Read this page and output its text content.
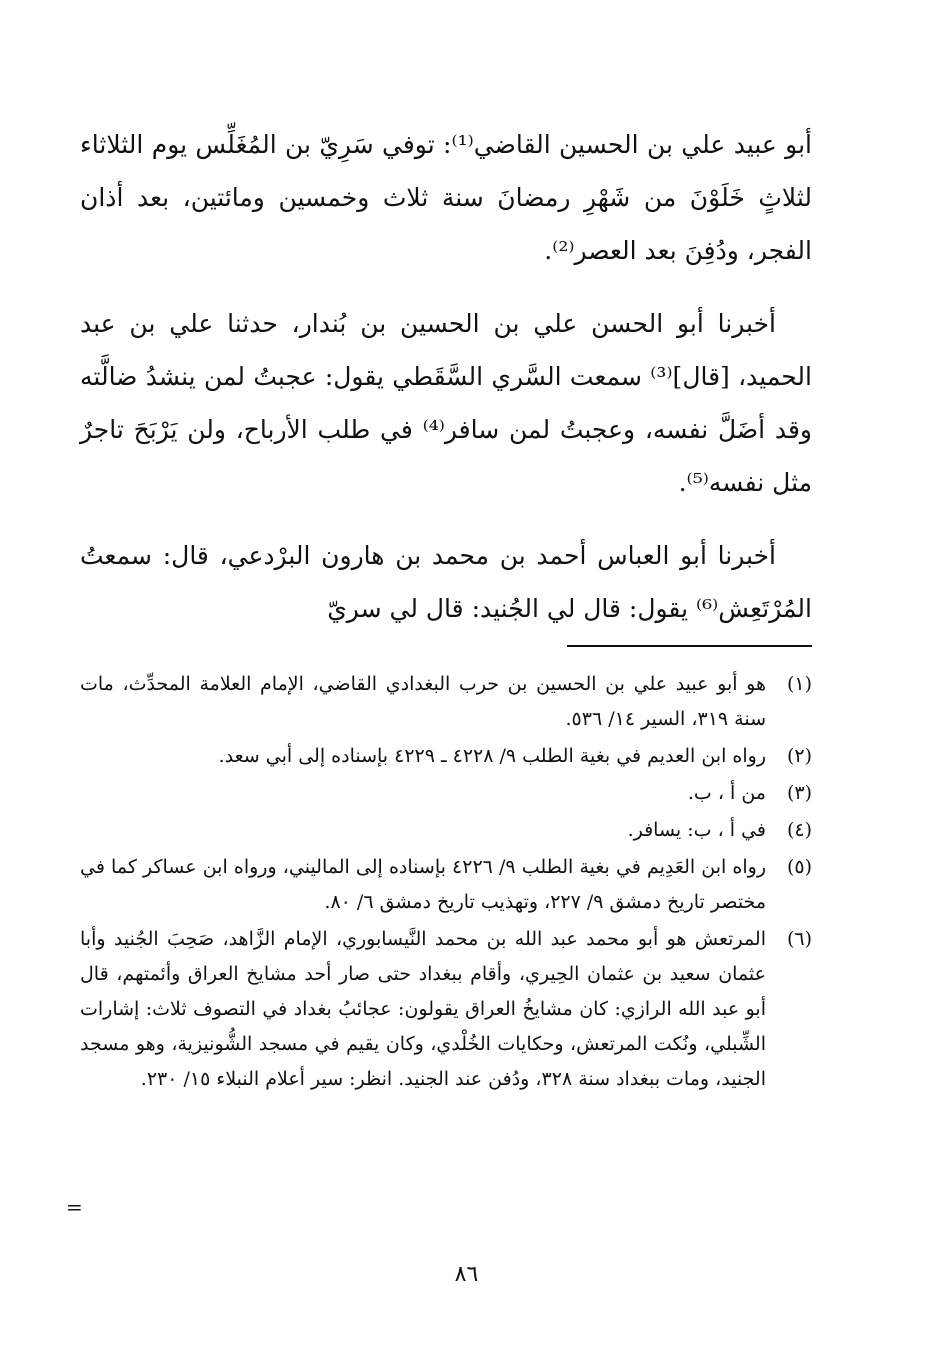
أبو عبيد علي بن الحسين القاضي⁽¹⁾: توفي سَرِيّ بن المُغَلِّس يوم الثلاثاء لثلاثٍ خَلَوْنَ من شَهْرِ رمضانَ سنة ثلاث وخمسين ومائتين، بعد أذان الفجر، ودُفِنَ بعد العصر⁽²⁾.

أخبرنا أبو الحسن علي بن الحسين بن بُندار، حدثنا علي بن عبد الحميد، [قال]⁽³⁾ سمعت السَّري السَّقَطي يقول: عجبتُ لمن ينشدُ ضالَّته وقد أضَلَّ نفسه، وعجبتُ لمن سافر⁽⁴⁾ في طلب الأرباح، ولن يَرْبَحَ تاجرٌ مثل نفسه⁽⁵⁾.

أخبرنا أبو العباس أحمد بن محمد بن هارون البرْدعي، قال: سمعتُ المُرْتَعِش⁽⁶⁾ يقول: قال لي الجُنيد: قال لي سريّ

(١)
هو أبو عبيد علي بن الحسين بن حرب البغدادي القاضي، الإمام العلامة المحدِّث، مات سنة ٣١٩، السير ١٤/ ٥٣٦.
(٢)
رواه ابن العديم في بغية الطلب ٩/ ٤٢٢٨ ـ ٤٢٢٩ بإسناده إلى أبي سعد.
(٣)
من أ ، ب.
(٤)
في أ ، ب: يسافر.
(٥)
رواه ابن العَدِيم في بغية الطلب ٩/ ٤٢٢٦ بإسناده إلى الماليني، ورواه ابن عساكر كما في مختصر تاريخ دمشق ٩/ ٢٢٧، وتهذيب تاريخ دمشق ٦/ ٨٠.
(٦)
المرتعش هو أبو محمد عبد الله بن محمد النَّيسابوري، الإمام الزَّاهد، صَحِبَ الجُنيد وأبا عثمان سعيد بن عثمان الحِيري، وأقام ببغداد حتى صار أحد مشايخ العراق وأئمتهم، قال أبو عبد الله الرازي: كان مشايخُ العراق يقولون: عجائبُ بغداد في التصوف ثلاث: إشارات الشِّبلي، ونُكت المرتعش، وحكايات الخُلْدي، وكان يقيم في مسجد الشُّونيزية، وهو مسجد الجنيد، ومات ببغداد سنة ٣٢٨، ودُفن عند الجنيد. انظر: سير أعلام النبلاء ١٥/ ٢٣٠.
=
٨٦
